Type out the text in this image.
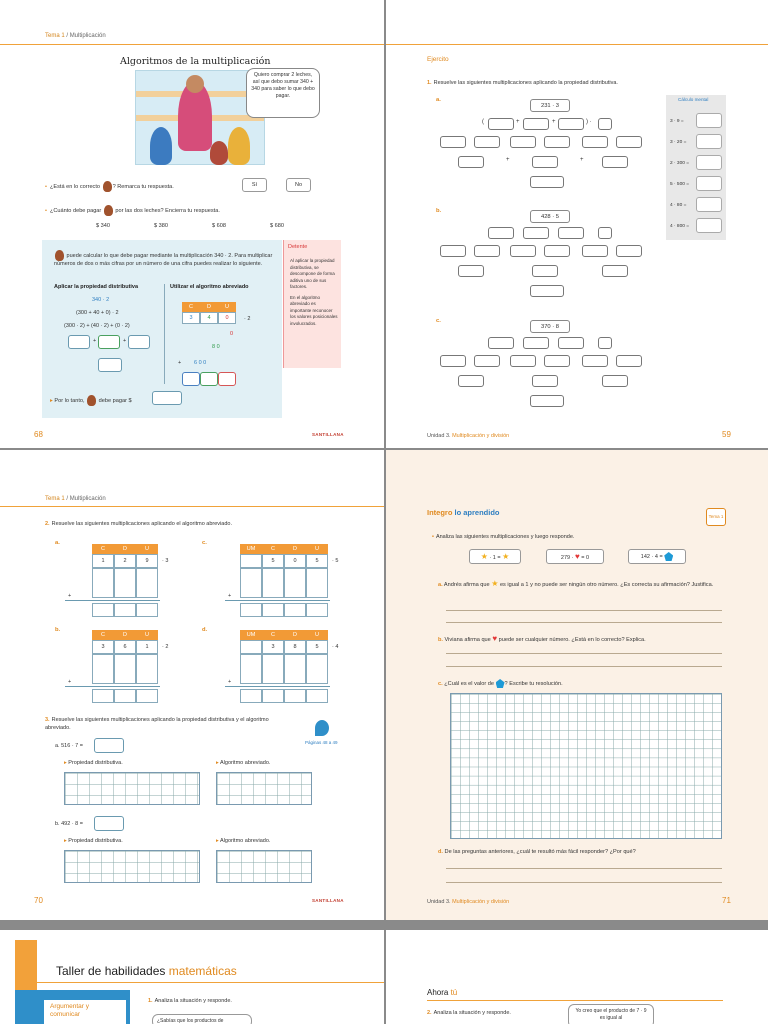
Tema 1 / Multiplicación
Algoritmos de la multiplicación
Quiero comprar 2 leches, así que debo sumar 340 + 340 para saber lo que debo pagar.
• ¿Está en lo correcto ? Remarca tu respuesta.	Sí	No
• ¿Cuánto debe pagar	por las dos leches? Encierra tu respuesta.
$ 340	$ 380	$ 608	$ 680
puede calcular lo que debe pagar mediante la multiplicación 340 · 2. Para multiplicar números de dos o más cifras por un número de una cifra puedes realizar lo siguiente.
Aplicar la propiedad distributiva	Utilizar el algoritmo abreviado
340 · 2
(300 + 40 + 0) · 2
(300 · 2) + (40 · 2) + (0 · 2)
+	+
C	D	U
3	4	0	· 2
0
8 0
+ 6 0 0
Detente
Al aplicar la propiedad distributiva, se descompone de forma aditiva uno de sus factores.
En el algoritmo abreviado es importante reconocer los valores posicionales involucrados.
▸ Por lo tanto,	debe pagar $
68	SANTILLANA
Ejercito
1. Resuelve las siguientes multiplicaciones aplicando la propiedad distributiva.
a.
231 · 3
(	+	+	) ·
+	+
b.
428 · 5
c.
370 · 8
Cálculo mental
3 · 9 =
3 · 20 =
2 · 300 =
5 · 500 =
4 · 80 =
4 · 800 =
Unidad 3. Multiplicación y división	59
Tema 1 / Multiplicación
2. Resuelve las siguientes multiplicaciones aplicando el algoritmo abreviado.
a.
C	D	U
1	2	9	· 3
+
c.
UM	C	D	U
5	0	5	· 5
+
b.
C	D	U
3	6	1	· 2
+
d.
UM	C	D	U
3	8	5	· 4
+
3. Resuelve las siguientes multiplicaciones aplicando la propiedad distributiva y el algoritmo abreviado.
Páginas 48 a 49
a. 516 · 7 =
▸ Propiedad distributiva.	▸ Algoritmo abreviado.
b. 492 · 8 =
▸ Propiedad distributiva.	▸ Algoritmo abreviado.
70	SANTILLANA
Integro lo aprendido	Tema 1
• Analiza las siguientes multiplicaciones y luego responde.
★ · 1 = ★	279 · ♥ = 0	142 · 4 =
a. Andrés afirma que ★ es igual a 1 y no puede ser ningún otro número. ¿Es correcta su afirmación? Justifica.
b. Viviana afirma que ♥ puede ser cualquier número. ¿Está en lo correcto? Explica.
c. ¿Cuál es el valor de ? Escribe tu resolución.
d. De las preguntas anteriores, ¿cuál te resultó más fácil responder? ¿Por qué?
Unidad 3. Multiplicación y división	71
Taller de habilidades matemáticas
Argumentar y comunicar
1. Analiza la situación y responde.
¿Sabías que los productos de
Ahora tú
2. Analiza la situación y responde.	Yo creo que el producto de 7 · 9 es igual al
